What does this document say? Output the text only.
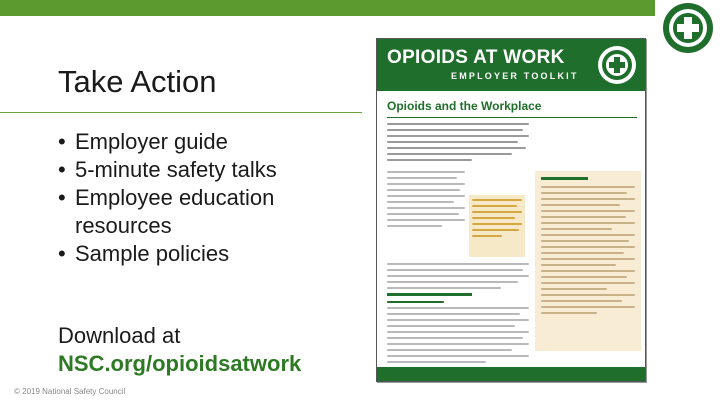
Take Action
• Employer guide
• 5-minute safety talks
• Employee education resources
• Sample policies
Download at
NSC.org/opioidsatwork
© 2019 National Safety Council
OPIOIDS AT WORK
EMPLOYER TOOLKIT
Opioids and the Workplace
